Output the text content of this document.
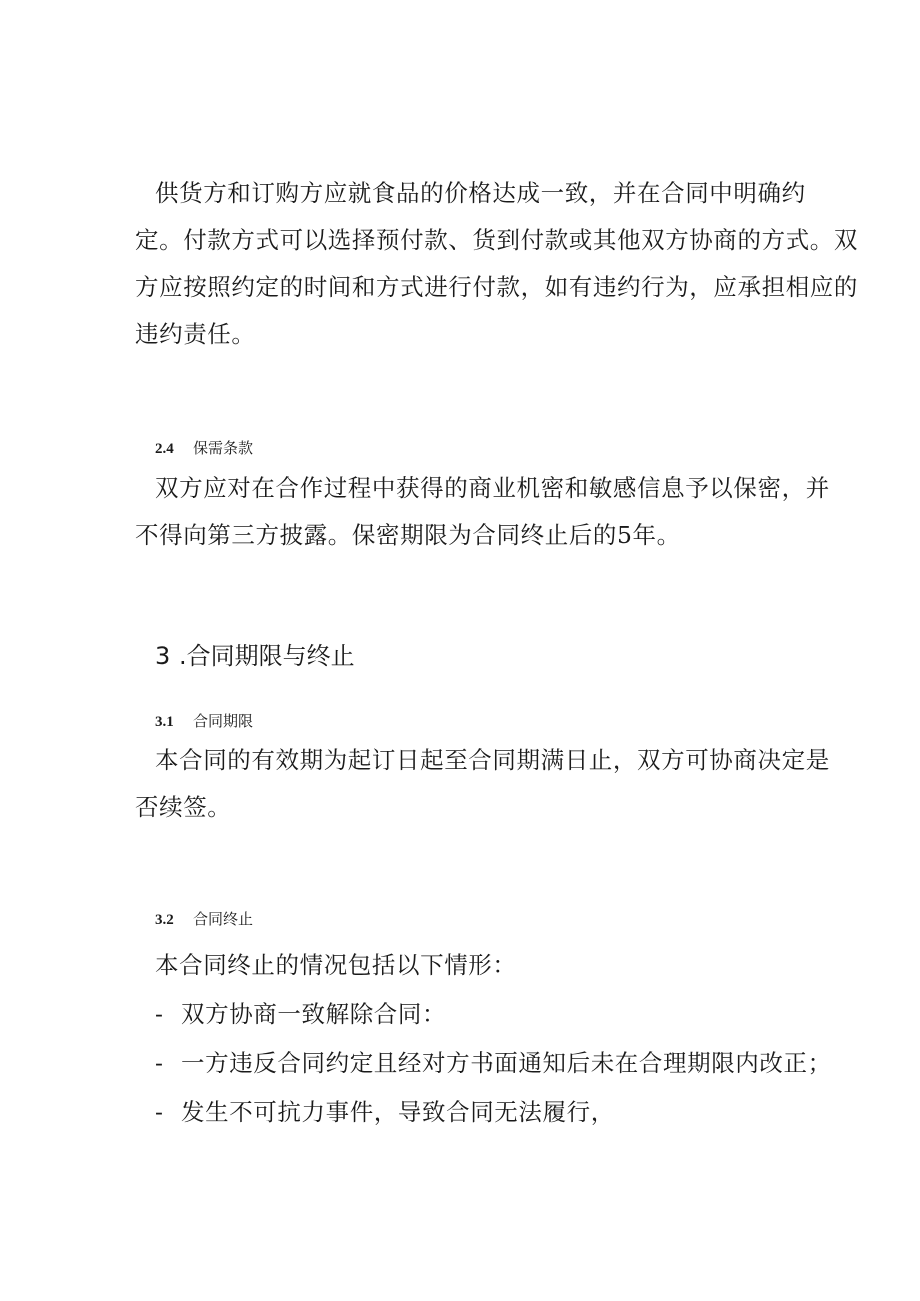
供货方和订购方应就食品的价格达成一致，并在合同中明确约
定。付款方式可以选择预付款、货到付款或其他双方协商的方式。双
方应按照约定的时间和方式进行付款，如有违约行为，应承担相应的
违约责任。
2.4 保需条款
双方应对在合作过程中获得的商业机密和敏感信息予以保密，并
不得向第三方披露。保密期限为合同终止后的5年。
3 .合同期限与终止
3.1 合同期限
本合同的有效期为起订日起至合同期满日止，双方可协商决定是
否续签。
3.2 合同终止
本合同终止的情况包括以下情形：
- 双方协商一致解除合同：
- 一方违反合同约定且经对方书面通知后未在合理期限内改正；
- 发生不可抗力事件，导致合同无法履行，
